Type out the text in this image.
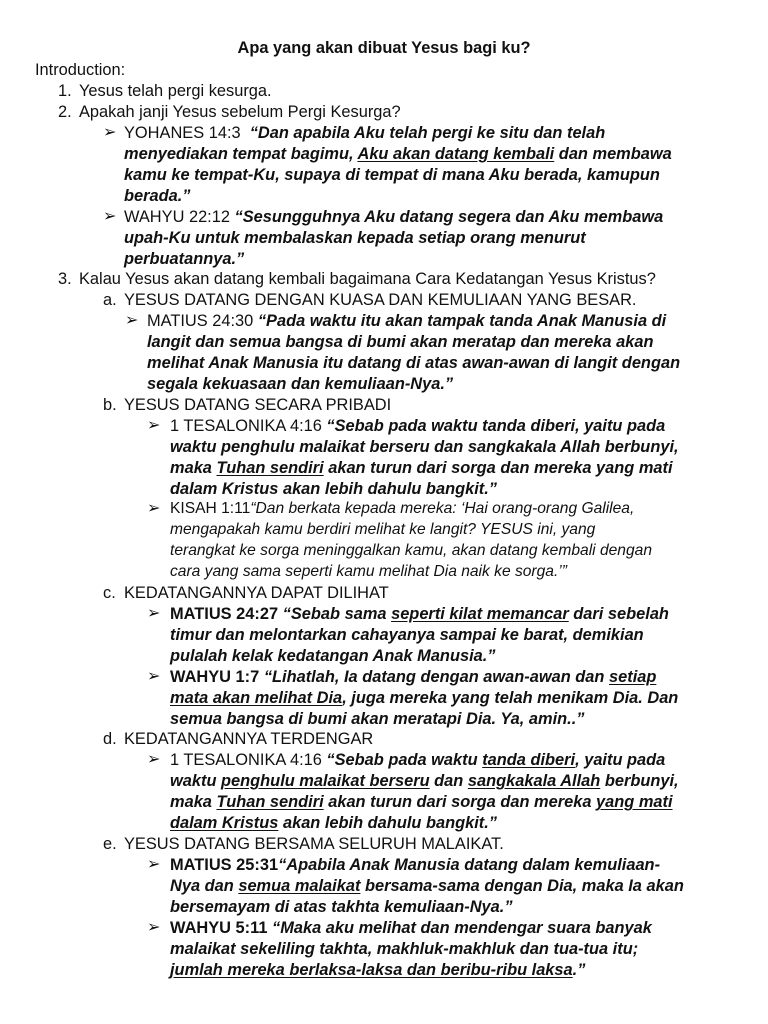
Apa yang akan dibuat Yesus bagi ku?
Introduction:
1. Yesus telah pergi kesurga.
2. Apakah janji Yesus sebelum Pergi Kesurga?
➢ YOHANES 14:3 “Dan apabila Aku telah pergi ke situ dan telah
menyediakan tempat bagimu, Aku akan datang kembali dan membawa
kamu ke tempat-Ku, supaya di tempat di mana Aku berada, kamupun
berada.”
➢ WAHYU 22:12 “Sesungguhnya Aku datang segera dan Aku membawa
upah-Ku untuk membalaskan kepada setiap orang menurut
perbuatannya.”
3. Kalau Yesus akan datang kembali bagaimana Cara Kedatangan Yesus Kristus?
a. YESUS DATANG DENGAN KUASA DAN KEMULIAAN YANG BESAR.
➢ MATIUS 24:30 “Pada waktu itu akan tampak tanda Anak Manusia di
langit dan semua bangsa di bumi akan meratap dan mereka akan
melihat Anak Manusia itu datang di atas awan-awan di langit dengan
segala kekuasaan dan kemuliaan-Nya.”
b. YESUS DATANG SECARA PRIBADI
➢ 1 TESALONIKA 4:16 “Sebab pada waktu tanda diberi, yaitu pada
waktu penghulu malaikat berseru dan sangkakala Allah berbunyi,
maka Tuhan sendiri akan turun dari sorga dan mereka yang mati
dalam Kristus akan lebih dahulu bangkit.”
➢ KISAH 1:11“Dan berkata kepada mereka: ‘Hai orang-orang Galilea,
mengapakah kamu berdiri melihat ke langit? YESUS ini, yang
terangkat ke sorga meninggalkan kamu, akan datang kembali dengan
cara yang sama seperti kamu melihat Dia naik ke sorga.’”
c. KEDATANGANNYA DAPAT DILIHAT
➢ MATIUS 24:27 “Sebab sama seperti kilat memancar dari sebelah
timur dan melontarkan cahayanya sampai ke barat, demikian
pulalah kelak kedatangan Anak Manusia.”
➢ WAHYU 1:7 “Lihatlah, Ia datang dengan awan-awan dan setiap
mata akan melihat Dia, juga mereka yang telah menikam Dia. Dan
semua bangsa di bumi akan meratapi Dia. Ya, amin..”
d. KEDATANGANNYA TERDENGAR
➢ 1 TESALONIKA 4:16 “Sebab pada waktu tanda diberi, yaitu pada
waktu penghulu malaikat berseru dan sangkakala Allah berbunyi,
maka Tuhan sendiri akan turun dari sorga dan mereka yang mati
dalam Kristus akan lebih dahulu bangkit.”
e. YESUS DATANG BERSAMA SELURUH MALAIKAT.
➢ MATIUS 25:31“Apabila Anak Manusia datang dalam kemuliaan-
Nya dan semua malaikat bersama-sama dengan Dia, maka Ia akan
bersemayam di atas takhta kemuliaan-Nya.”
➢ WAHYU 5:11 “Maka aku melihat dan mendengar suara banyak
malaikat sekeliling takhta, makhluk-makhluk dan tua-tua itu;
jumlah mereka berlaksa-laksa dan beribu-ribu laksa.”
